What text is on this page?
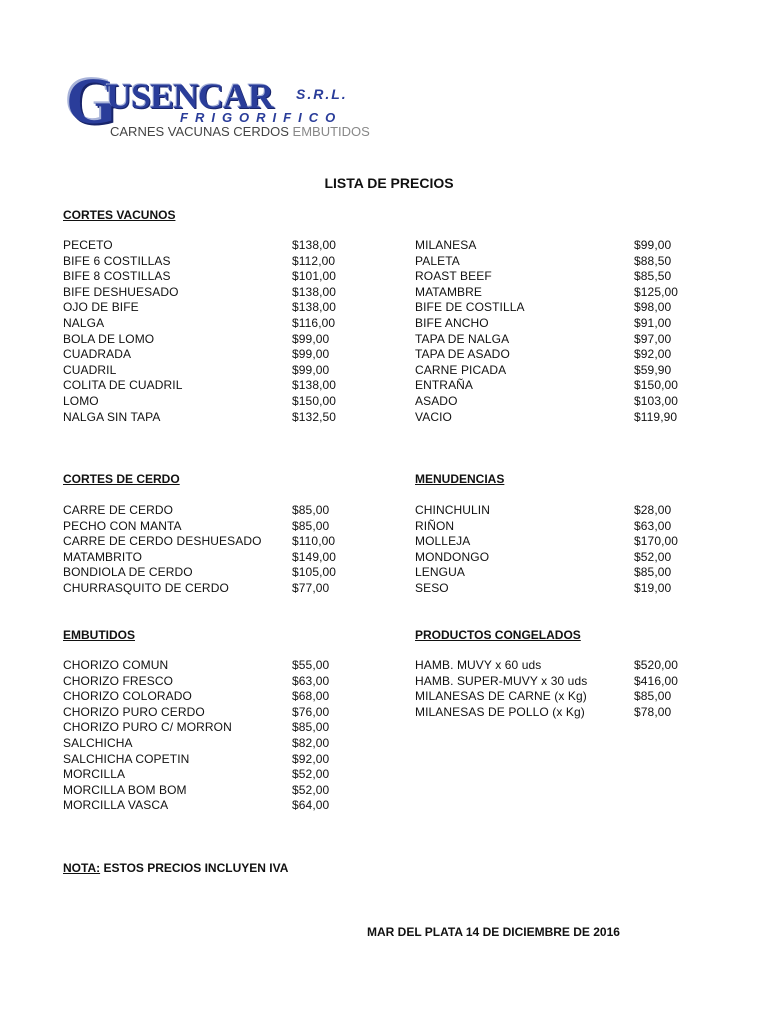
G
USENCAR S.R.L.
FRIGORIFICO
CARNES VACUNAS CERDOS EMBUTIDOS
LISTA DE PRECIOS
CORTES VACUNOS
CORTES DE CERDO	MENUDENCIAS
EMBUTIDOS	PRODUCTOS CONGELADOS
PECETO	$138,00
BIFE 6 COSTILLAS	$112,00
BIFE 8 COSTILLAS	$101,00
BIFE DESHUESADO	$138,00
OJO DE BIFE	$138,00
NALGA	$116,00
BOLA DE LOMO	$99,00
CUADRADA	$99,00
CUADRIL	$99,00
COLITA DE CUADRIL	$138,00
LOMO	$150,00
NALGA SIN TAPA	$132,50
MILANESA	$99,00
PALETA	$88,50
ROAST BEEF	$85,50
MATAMBRE	$125,00
BIFE DE COSTILLA	$98,00
BIFE ANCHO	$91,00
TAPA DE NALGA	$97,00
TAPA DE ASADO	$92,00
CARNE PICADA	$59,90
ENTRAÑA	$150,00
ASADO	$103,00
VACIO	$119,90
CARRE DE CERDO	$85,00
PECHO CON MANTA	$85,00
CARRE DE CERDO DESHUESADO	$110,00
MATAMBRITO	$149,00
BONDIOLA DE CERDO	$105,00
CHURRASQUITO DE CERDO	$77,00
CHINCHULIN	$28,00
RIÑON	$63,00
MOLLEJA	$170,00
MONDONGO	$52,00
LENGUA	$85,00
SESO	$19,00
CHORIZO COMUN	$55,00
CHORIZO FRESCO	$63,00
CHORIZO COLORADO	$68,00
CHORIZO PURO CERDO	$76,00
CHORIZO PURO C/ MORRON	$85,00
SALCHICHA	$82,00
SALCHICHA COPETIN	$92,00
MORCILLA	$52,00
MORCILLA BOM BOM	$52,00
MORCILLA VASCA	$64,00
HAMB. MUVY x 60 uds	$520,00
HAMB. SUPER-MUVY x 30 uds	$416,00
MILANESAS DE CARNE (x Kg)	$85,00
MILANESAS DE POLLO (x Kg)	$78,00
NOTA: ESTOS PRECIOS INCLUYEN IVA
MAR DEL PLATA 14 DE DICIEMBRE DE 2016
